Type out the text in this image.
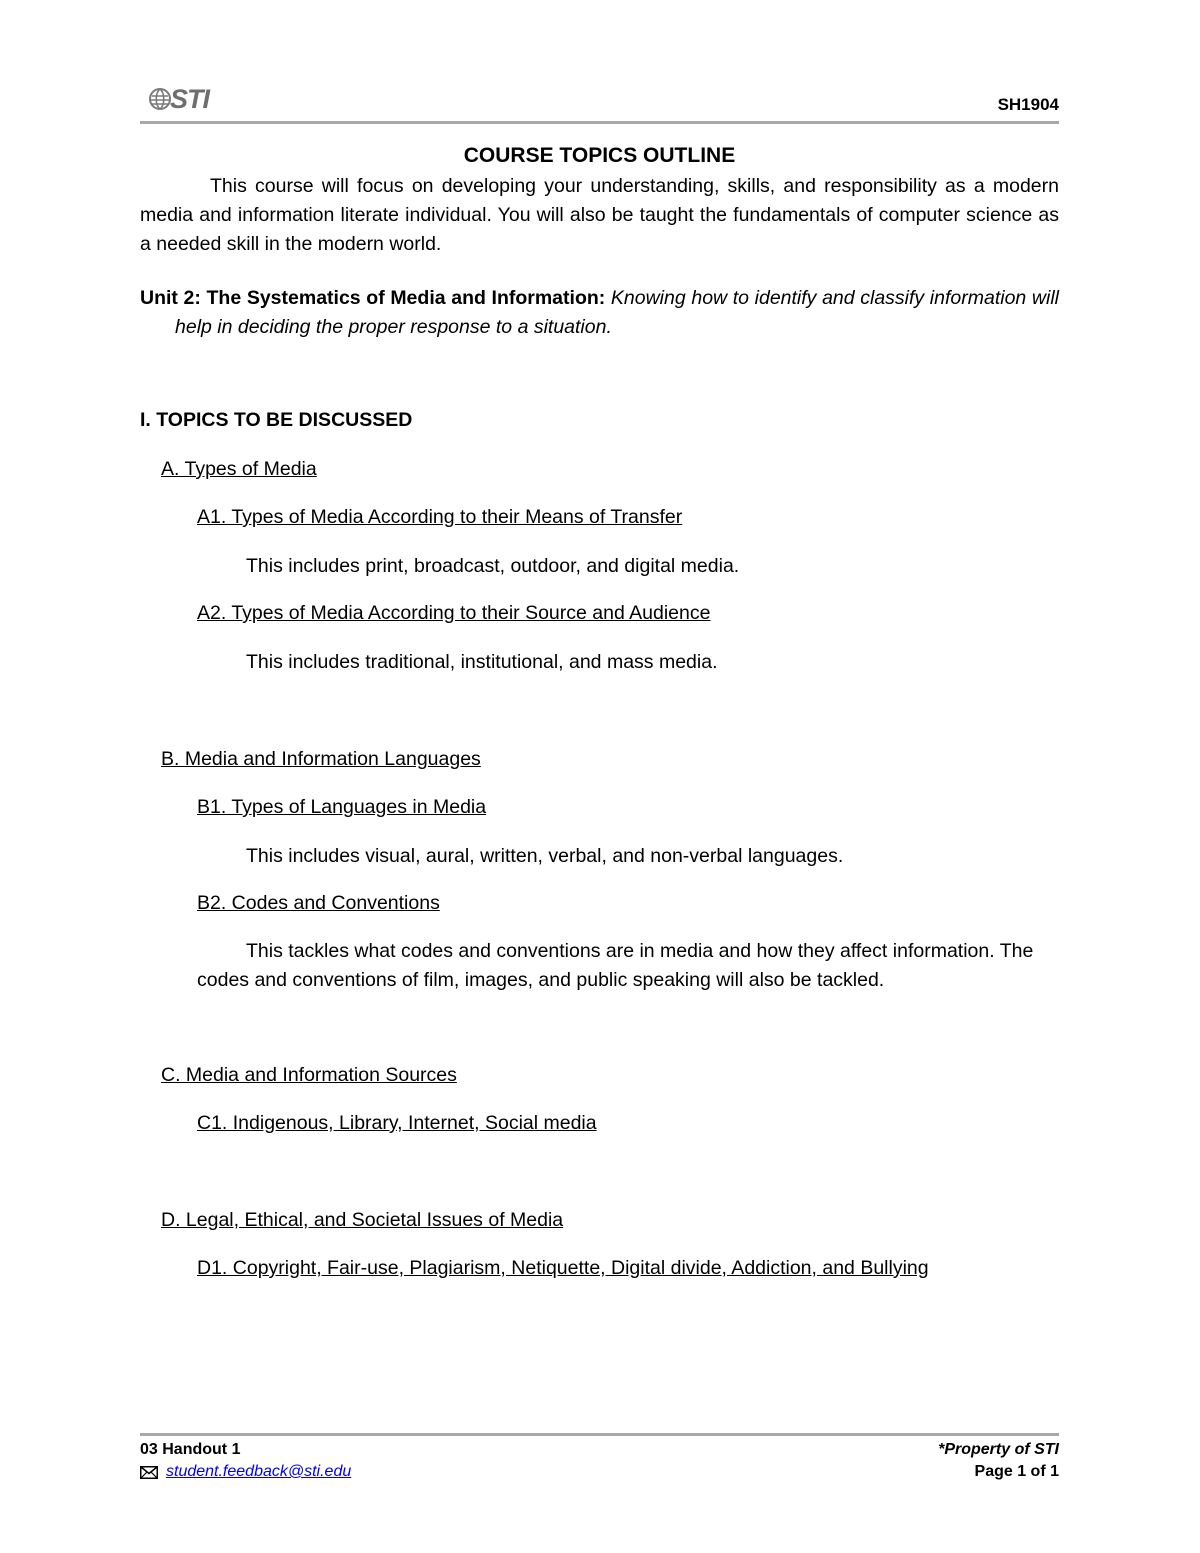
STI	SH1904
COURSE TOPICS OUTLINE
This course will focus on developing your understanding, skills, and responsibility as a modern media and information literate individual. You will also be taught the fundamentals of computer science as a needed skill in the modern world.
Unit 2: The Systematics of Media and Information: Knowing how to identify and classify information will help in deciding the proper response to a situation.
I. TOPICS TO BE DISCUSSED
A. Types of Media
A1. Types of Media According to their Means of Transfer
This includes print, broadcast, outdoor, and digital media.
A2. Types of Media According to their Source and Audience
This includes traditional, institutional, and mass media.
B. Media and Information Languages
B1. Types of Languages in Media
This includes visual, aural, written, verbal, and non-verbal languages.
B2. Codes and Conventions
This tackles what codes and conventions are in media and how they affect information. The codes and conventions of film, images, and public speaking will also be tackled.
C. Media and Information Sources
C1. Indigenous, Library, Internet, Social media
D. Legal, Ethical, and Societal Issues of Media
D1. Copyright, Fair-use, Plagiarism, Netiquette, Digital divide, Addiction, and Bullying
03 Handout 1
student.feedback@sti.edu
*Property of STI
Page 1 of 1
